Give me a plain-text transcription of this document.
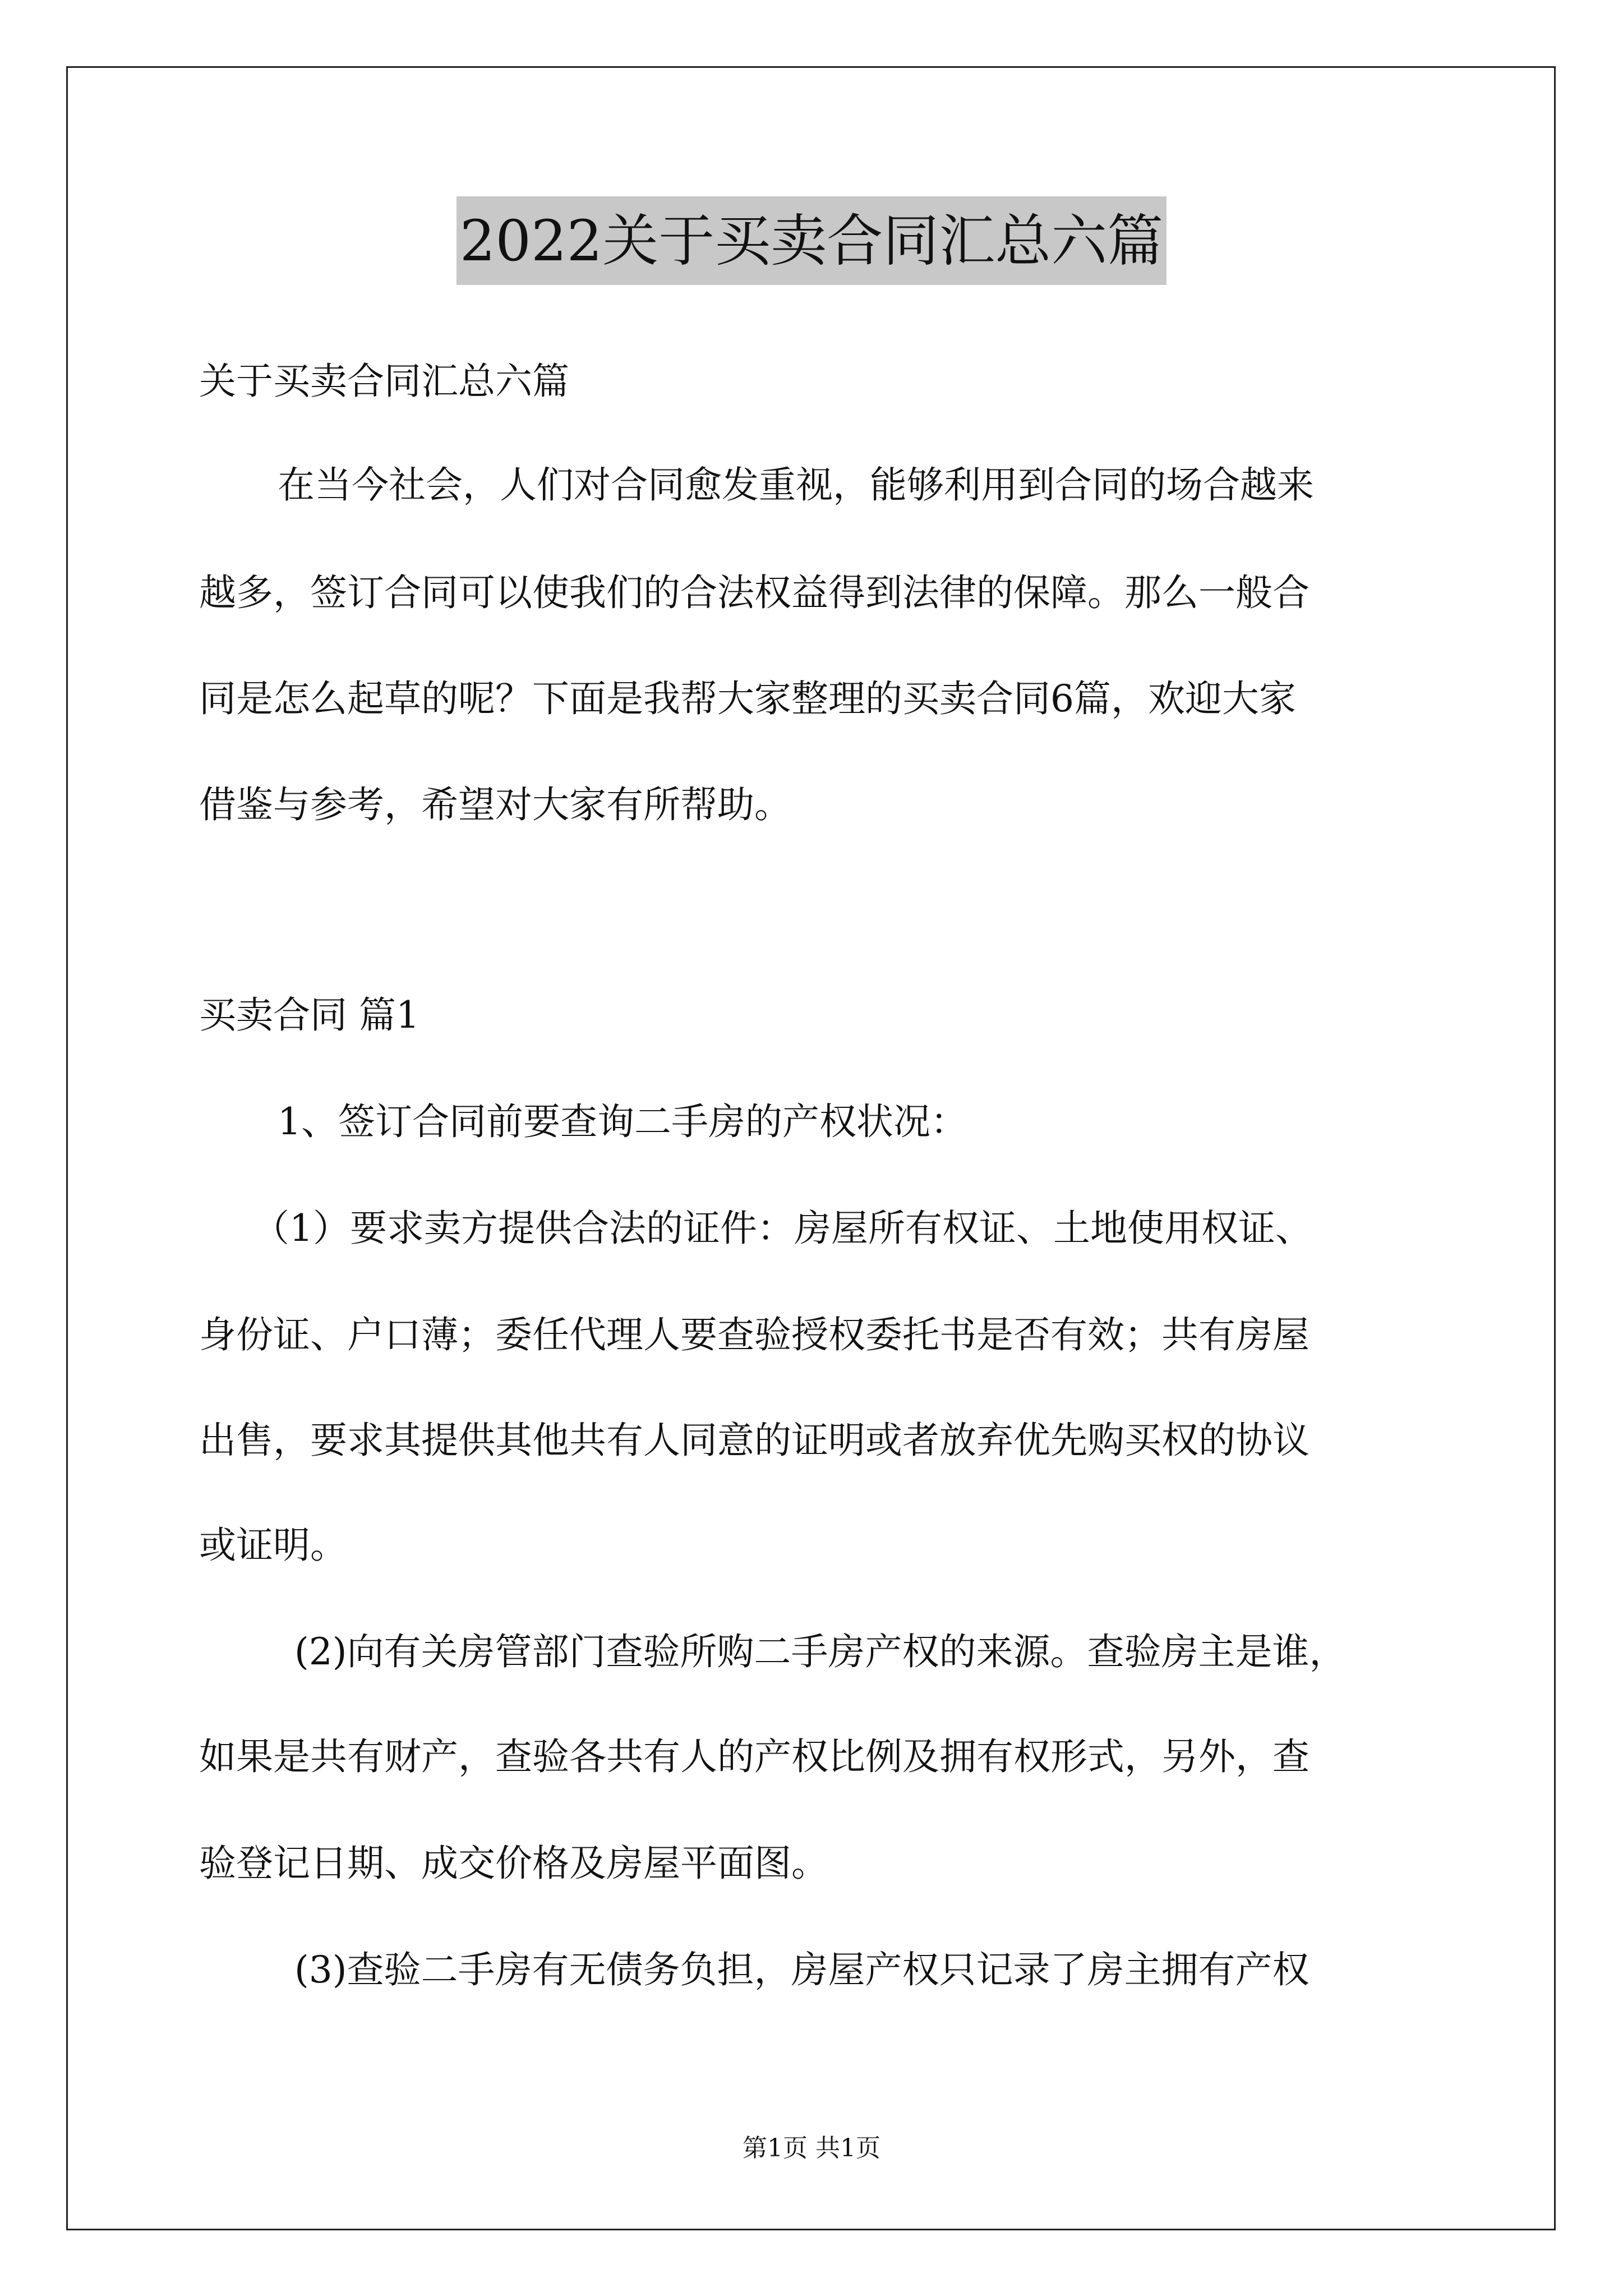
2022关于买卖合同汇总六篇
关于买卖合同汇总六篇
在当今社会，人们对合同愈发重视，能够利用到合同的场合越来
越多，签订合同可以使我们的合法权益得到法律的保障。那么一般合
同是怎么起草的呢？下面是我帮大家整理的买卖合同6篇，欢迎大家
借鉴与参考，希望对大家有所帮助。
买卖合同 篇1
1、签订合同前要查询二手房的产权状况：
（1）要求卖方提供合法的证件：房屋所有权证、土地使用权证、
身份证、户口薄；委任代理人要查验授权委托书是否有效；共有房屋
出售，要求其提供其他共有人同意的证明或者放弃优先购买权的协议
或证明。
(2)向有关房管部门查验所购二手房产权的来源。查验房主是谁，
如果是共有财产，查验各共有人的产权比例及拥有权形式，另外，查
验登记日期、成交价格及房屋平面图。
(3)查验二手房有无债务负担，房屋产权只记录了房主拥有产权
第1页 共1页
